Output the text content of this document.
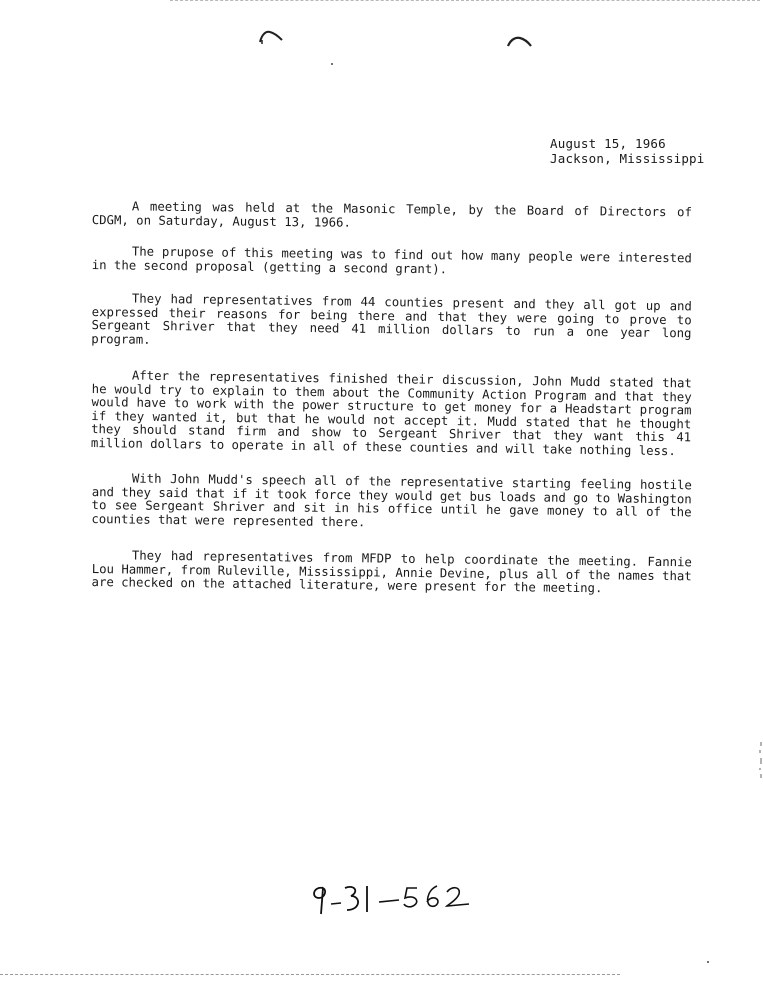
August 15, 1966
Jackson, Mississippi

A meeting was held at the Masonic Temple, by the Board of Directors of CDGM, on Saturday, August 13, 1966.

The prupose of this meeting was to find out how many people were interested in the second proposal (getting a second grant).

They had representatives from 44 counties present and they all got up and expressed their reasons for being there and that they were going to prove to Sergeant Shriver that they need 41 million dollars to run a one year long program.

After the representatives finished their discussion, John Mudd stated that he would try to explain to them about the Community Action Program and that they would have to work with the power structure to get money for a Headstart program if they wanted it, but that he would not accept it. Mudd stated that he thought they should stand firm and show to Sergeant Shriver that they want this 41 million dollars to operate in all of these counties and will take nothing less.

With John Mudd's speech all of the representative starting feeling hostile and they said that if it took force they would get bus loads and go to Washington to see Sergeant Shriver and sit in his office until he gave money to all of the counties that were represented there.

They had representatives from MFDP to help coordinate the meeting. Fannie Lou Hammer, from Ruleville, Mississippi, Annie Devine, plus all of the names that are checked on the attached literature, were present for the meeting.
